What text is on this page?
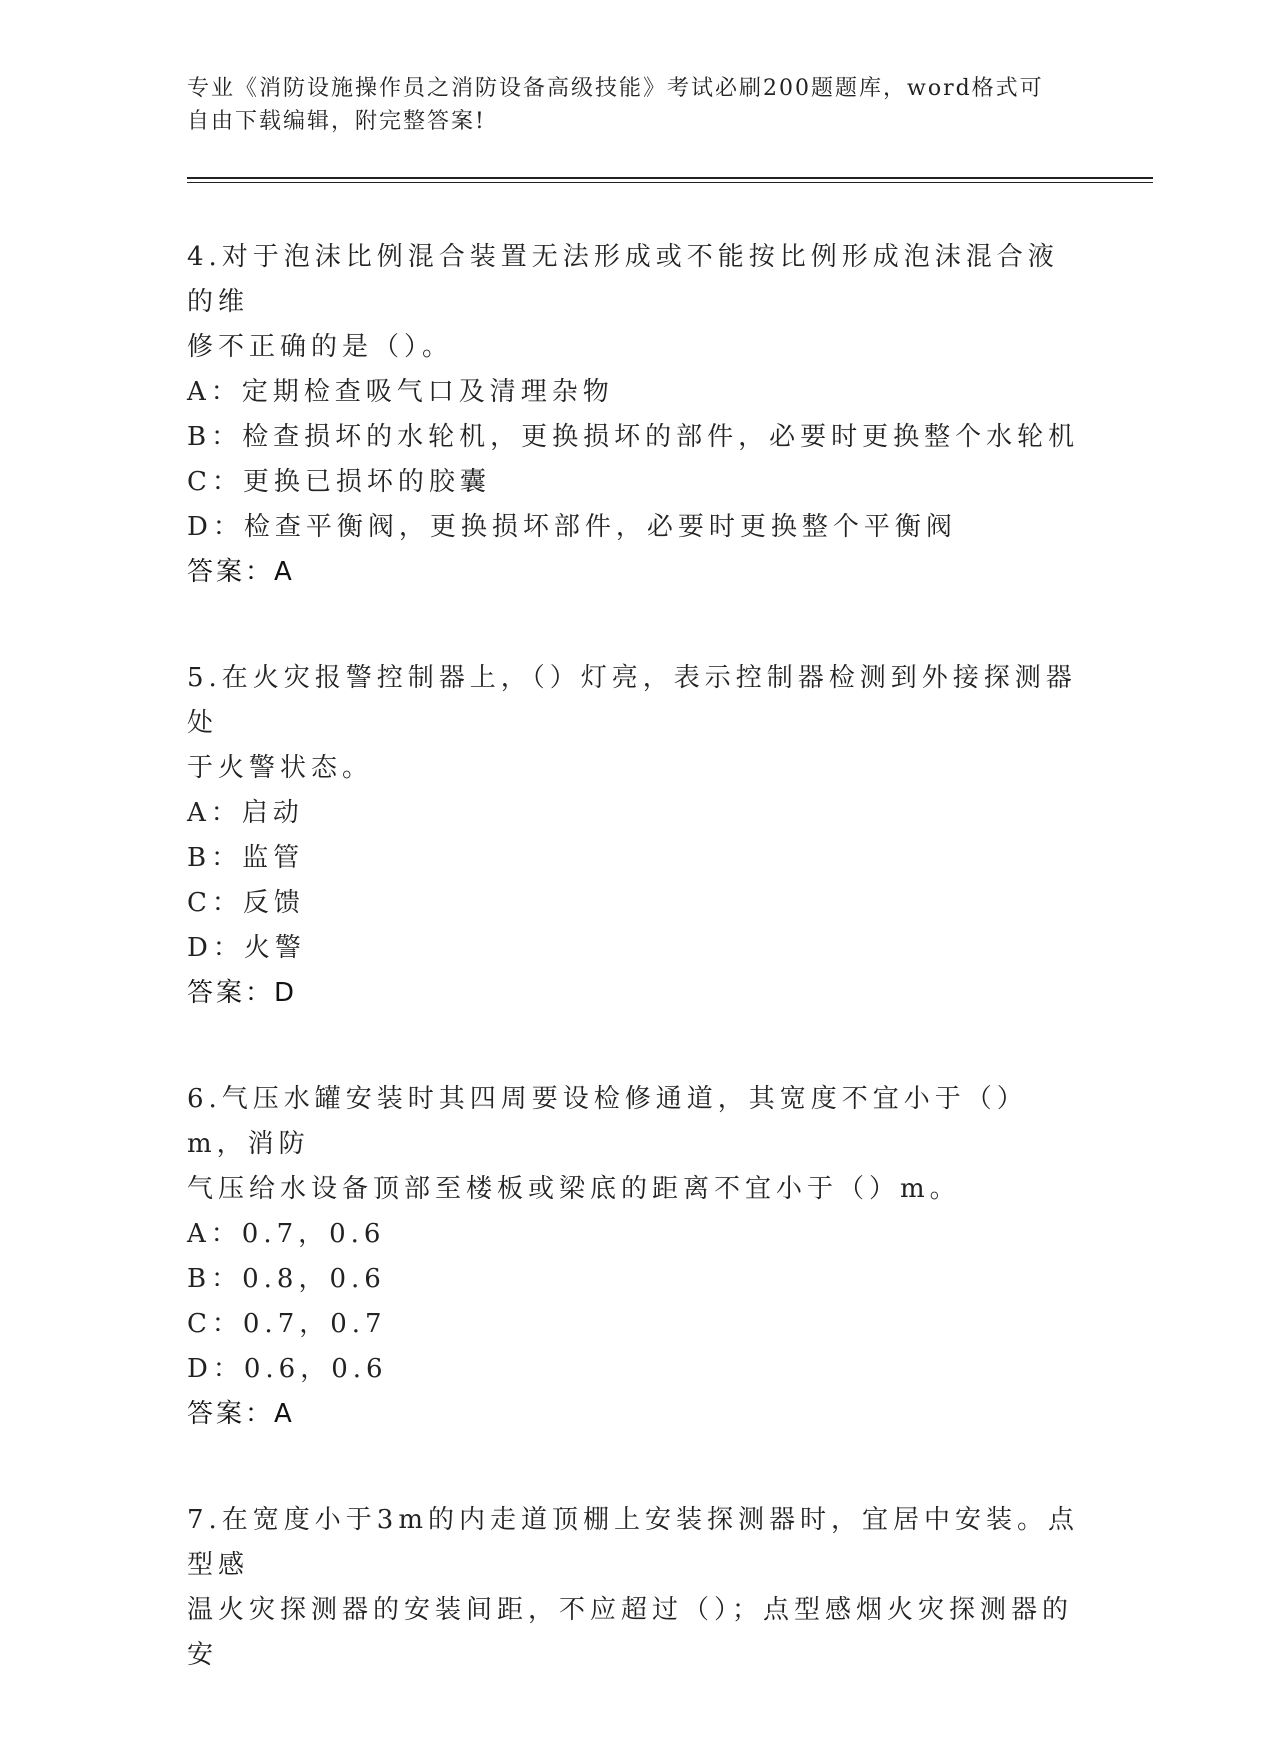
专业《消防设施操作员之消防设备高级技能》考试必刷200题题库，word格式可
自由下载编辑，附完整答案!
4.对于泡沫比例混合装置无法形成或不能按比例形成泡沫混合液的维
修不正确的是（）。
A：定期检查吸气口及清理杂物
B：检查损坏的水轮机，更换损坏的部件，必要时更换整个水轮机
C：更换已损坏的胶囊
D：检查平衡阀，更换损坏部件，必要时更换整个平衡阀
答案：A
5.在火灾报警控制器上，（）灯亮，表示控制器检测到外接探测器处
于火警状态。
A：启动
B：监管
C：反馈
D：火警
答案：D
6.气压水罐安装时其四周要设检修通道，其宽度不宜小于（）m，消防
气压给水设备顶部至楼板或梁底的距离不宜小于（）m。
A：0.7，0.6
B：0.8，0.6
C：0.7，0.7
D：0.6，0.6
答案：A
7.在宽度小于3m的内走道顶棚上安装探测器时，宜居中安装。点型感
温火灾探测器的安装间距，不应超过（）；点型感烟火灾探测器的安
